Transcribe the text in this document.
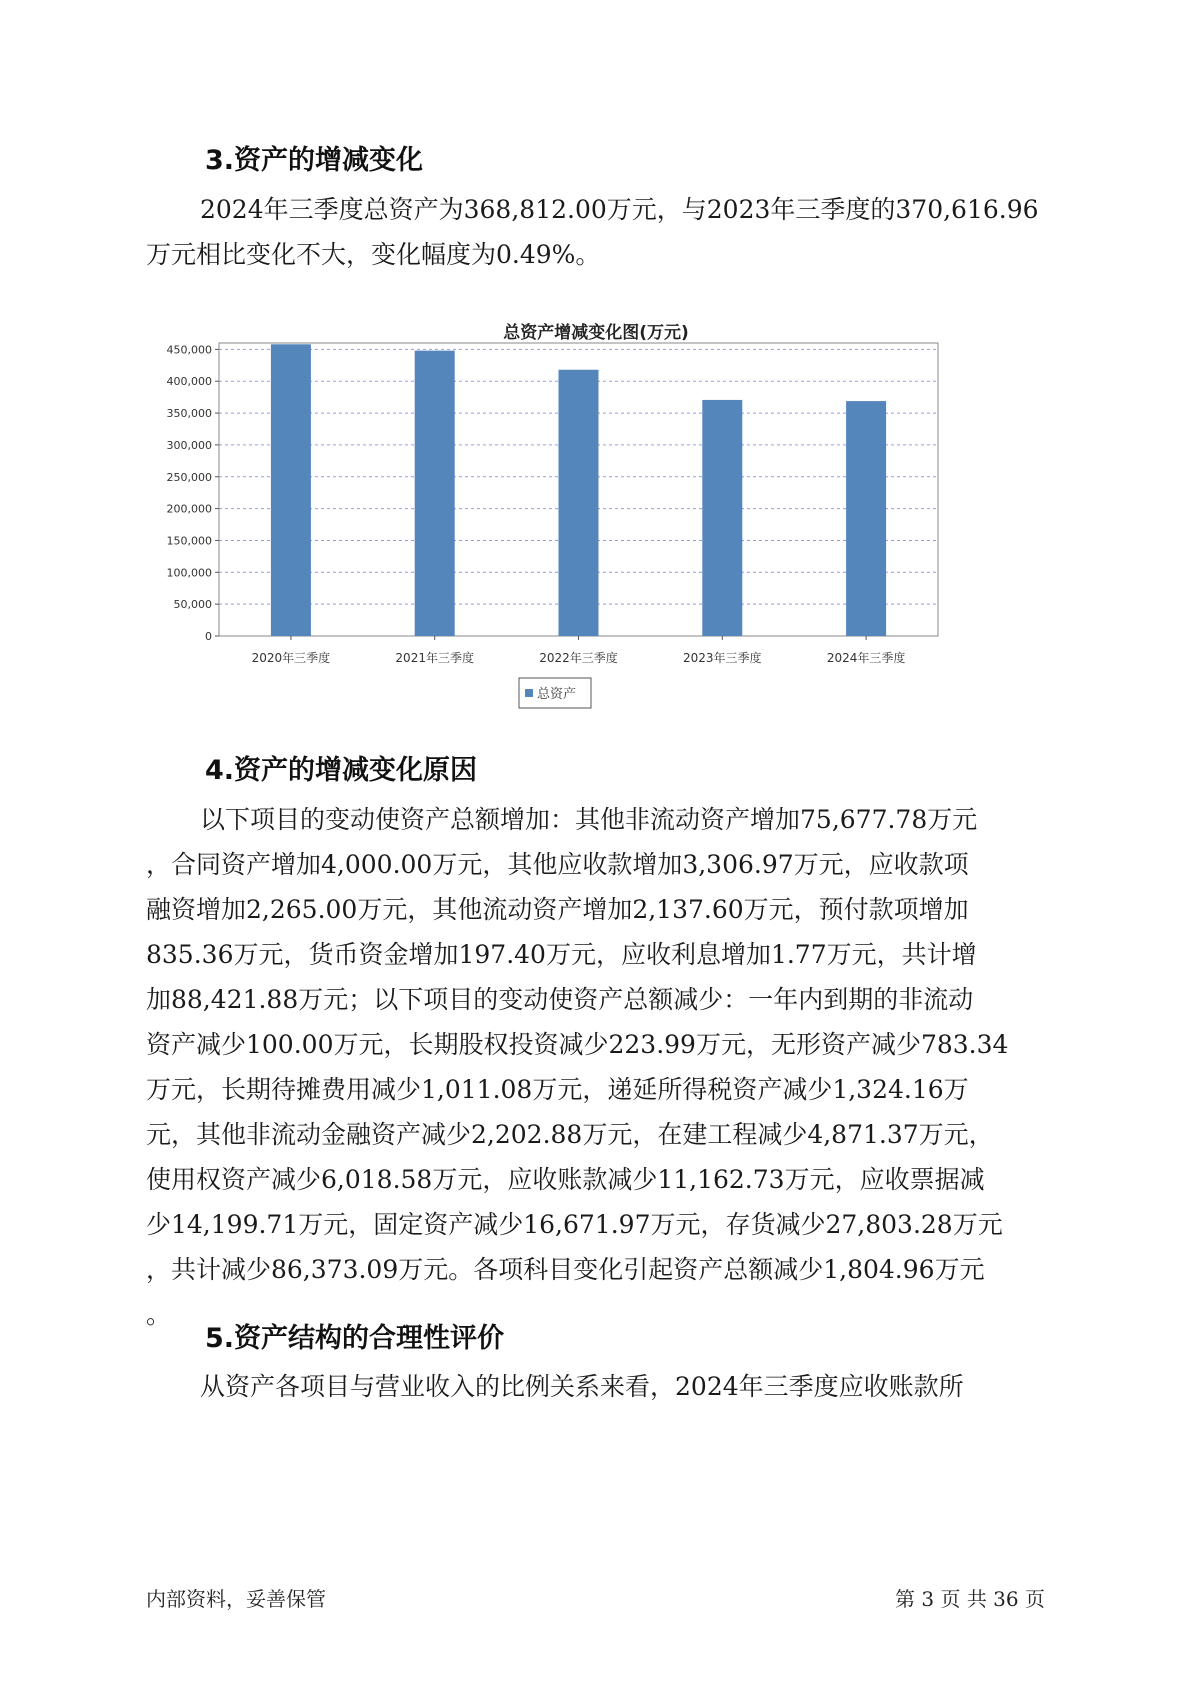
3.资产的增减变化

2024年三季度总资产为368,812.00万元，与2023年三季度的370,616.96
万元相比变化不大，变化幅度为0.49%。

总资产增减变化图(万元)
0
50,000
100,000
150,000
200,000
250,000
300,000
350,000
400,000
450,000
2020年三季度	2021年三季度	2022年三季度	2023年三季度	2024年三季度
总资产
4.资产的增减变化原因

以下项目的变动使资产总额增加：其他非流动资产增加75,677.78万元
，合同资产增加4,000.00万元，其他应收款增加3,306.97万元，应收款项
融资增加2,265.00万元，其他流动资产增加2,137.60万元，预付款项增加
835.36万元，货币资金增加197.40万元，应收利息增加1.77万元，共计增
加88,421.88万元；以下项目的变动使资产总额减少：一年内到期的非流动
资产减少100.00万元，长期股权投资减少223.99万元，无形资产减少783.34
万元，长期待摊费用减少1,011.08万元，递延所得税资产减少1,324.16万
元，其他非流动金融资产减少2,202.88万元，在建工程减少4,871.37万元，
使用权资产减少6,018.58万元，应收账款减少11,162.73万元，应收票据减
少14,199.71万元，固定资产减少16,671.97万元，存货减少27,803.28万元
，共计减少86,373.09万元。各项科目变化引起资产总额减少1,804.96万元
。

5.资产结构的合理性评价

从资产各项目与营业收入的比例关系来看，2024年三季度应收账款所

内部资料，妥善保管	第 3 页 共 36 页
